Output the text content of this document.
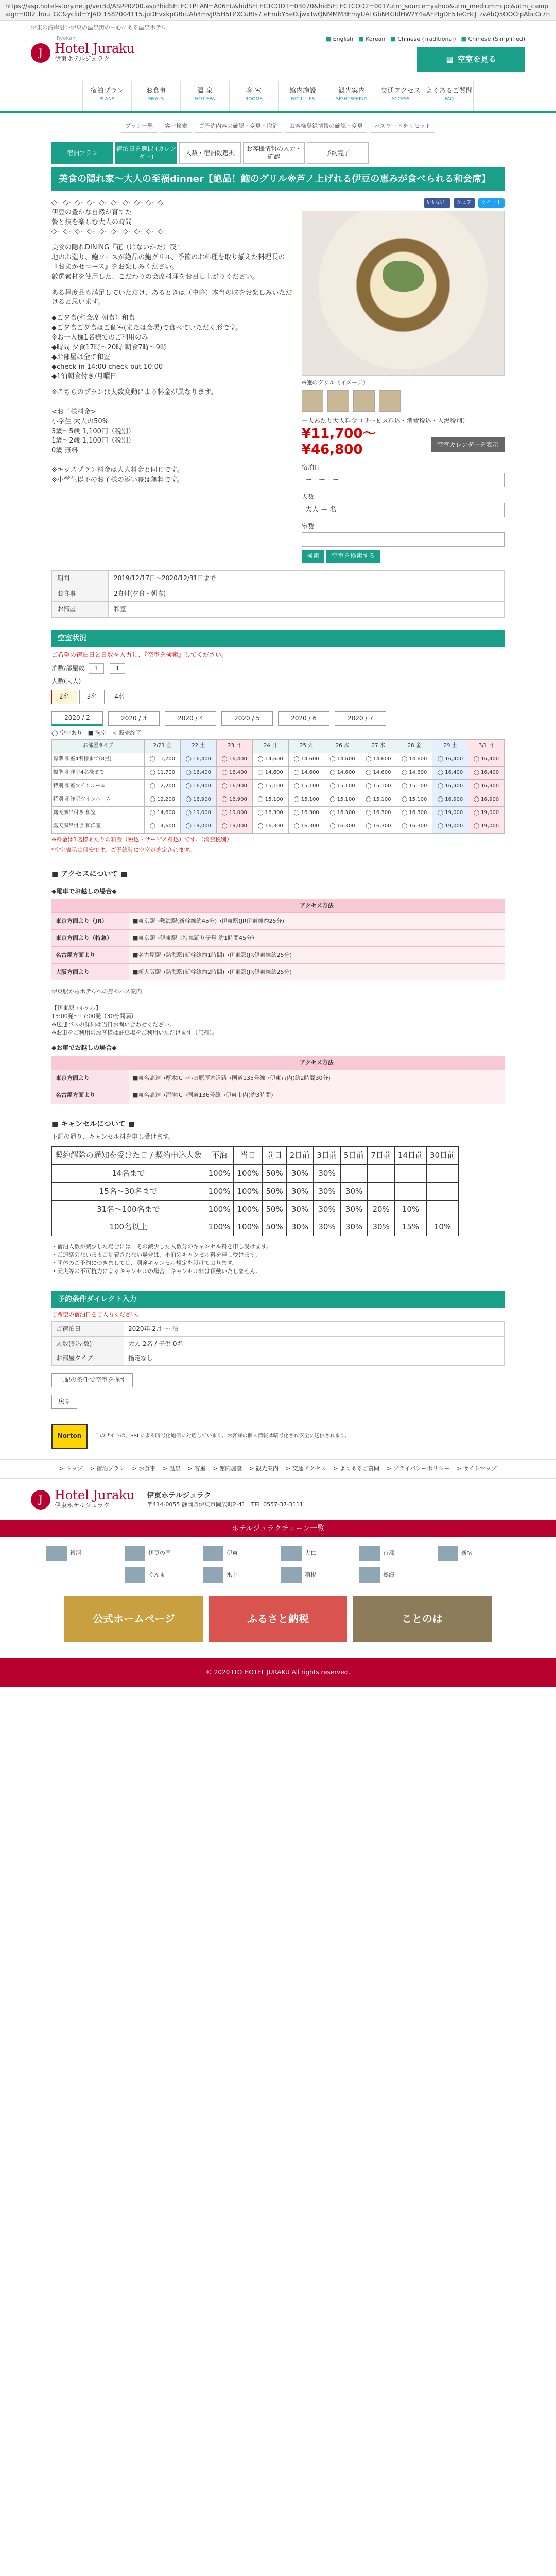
https://asp.hotel-story.ne.jp/ver3d/ASPP0200.asp?hidSELECTPLAN=A06FU&hidSELECTCOD1=03070&hidSELECTCOD2=001?utm_source=yahoo&utm_medium=cpc&utm_campaign=002_hou_GC&yclid=YJAD.1582004115.jpDEvxkpGBruAh4mvJR5H5LPXCuBIs7.eEmbY5eO.jwxTwQNMMM3EmyUATGbN4GIdHW?Y4aAFPIgDF5TeCHcJ_zvAbQ5OOCrpAbcCr7n
伊東の海岸沿い伊東の温泉街の中心にある温泉ホテル
Ryokan
J Hotel Juraku
伊東ホテルジュラク
■ English	■ Korean	■ Chinese (Traditional)	■ Chinese (Simplified)
▦ 空室を見る
宿泊プラン
PLANS
お食事
MEALS
温 泉
HOT SPA
客 室
ROOMS
館内施設
FACILITIES
観光案内
SIGHTSEEING
交通アクセス
ACCESS
よくあるご質問
FAQ
プラン一覧	客室検索	ご予約内容の確認・変更・取消	お客様登録情報の確認・変更	パスワードをリセット
宿泊プラン
宿泊日を選択 (カレンダー)
人数・宿泊数選択
お客様情報の入力・確認
予約完了
美食の隠れ家～大人の至福dinner【絶品！鮑のグリル※芦ノ上げれる伊豆の恵みが食べられる和会席】

◇ー◇ー◇ー◇ー◇ー◇ー◇ー◇ー◇ー◇
伊豆の豊かな自然が育てた
贅と技を楽しむ大人の時間
◇ー◇ー◇ー◇ー◇ー◇ー◇ー◇ー◇ー◇

美食の隠れDINING『花（はないかだ）筏』
地のお造り、鮑ソースが絶品の鮑グリル、季節のお料理を取り揃えた料理長の『おまかせコース』をお楽しみください。
厳選素材を使用した、こだわりの会席料理をお召し上がりください。

ある程度品も満足していただけ、あるときは（中略）本当の味をお楽しみいただけると思います。

◆ご夕食(和会席 朝食）和食
◆ご夕食ご夕食はご個室(または会場)で食べていただく形です。
※お一人様1名様でのご利用のみ
◆時間 夕食17時～20時 朝食7時～9時
◆お部屋は全て和室
◆check-in 14:00 check-out 10:00
◆1泊朝食付き/月曜日

※こちらのプランは人数変動により料金が異なります。

<お子様料金>
小学生 大人の50%
3歳～5歳 1,100円（税別）
1歳～2歳 1,100円（税別）
0歳 無料

※キッズプラン料金は大人料金と同じです。
※小学生以下のお子様の添い寝は無料です。

いいね！	シェア	ツイート
※鮑のグリル（イメージ）
一人あたり大人料金（サービス料込・消費税込・入湯税別）
¥11,700～
¥46,800	空室カレンダーを表示
宿泊日
ー - ー - ー
人数
大人 ー 名
室数
検索 空室を検索する
期間	2019/12/17日～2020/12/31日まで
お食事	2食付(夕食・朝食)
お部屋	和室
空室状況
ご希望の宿泊日と日数を入力し、『空室を検索』してください。
泊数/部屋数 1	1
人数(大人)
2名	3名	4名
2020 / 2	2020 / 3	2020 / 4	2020 / 5	2020 / 6	2020 / 7
◯ 空室あり　■ 満室　× 販売終了
お部屋タイプ	2/21 金	22 土	23 日	24 月	25 火	26 水	27 木	28 金	29 土	3/1 日
標準 和室4名様まで(8畳)	◯ 11,700	◯ 16,400	◯ 16,400	◯ 14,600	◯ 14,600	◯ 14,600	◯ 14,600	◯ 14,600	◯ 16,400	◯ 16,400
標準 和洋室4名様まで	◯ 11,700	◯ 16,400	◯ 16,400	◯ 14,600	◯ 14,600	◯ 14,600	◯ 14,600	◯ 14,600	◯ 16,400	◯ 16,400
特別 和室ツインルーム	◯ 12,200	◯ 16,900	◯ 16,900	◯ 15,100	◯ 15,100	◯ 15,100	◯ 15,100	◯ 15,100	◯ 16,900	◯ 16,900
特別 和洋室ツインルーム	◯ 12,200	◯ 16,900	◯ 16,900	◯ 15,100	◯ 15,100	◯ 15,100	◯ 15,100	◯ 15,100	◯ 16,900	◯ 16,900
露天風呂付き 和室	◯ 14,600	◯ 19,000	◯ 19,000	◯ 16,300	◯ 16,300	◯ 16,300	◯ 16,300	◯ 16,300	◯ 19,000	◯ 19,000
露天風呂付き 和洋室	◯ 14,600	◯ 19,000	◯ 19,000	◯ 16,300	◯ 16,300	◯ 16,300	◯ 16,300	◯ 16,300	◯ 19,000	◯ 19,000
※料金は1名様あたりの料金（税込・サービス料込）です。（消費税別）
*空室表示は目安です。ご予約時に空室が確定されます。
■ アクセスについて ■
◆電車でお越しの場合◆
	アクセス方法
東京方面より（JR）	■東京駅→熱海駅(新幹線約45分)→伊東駅(JR伊東線約25分)
東京方面より（特急）	■東京駅→伊東駅（特急踊り子号 約1時間45分）
名古屋方面より	■名古屋駅→熱海駅(新幹線約1時間)→伊東駅(JR伊東線約25分)
大阪方面より	■新大阪駅→熱海駅(新幹線約2時間)→伊東駅(JR伊東線約25分)
伊東駅からホテルへの無料バス案内

【伊東駅→ホテル】
15:00発〜17:00発（30分間隔）
※送迎バスの詳細は当日お問い合わせください。
※お車をご利用のお客様は駐車場をご利用いただけます（無料）。
◆お車でお越しの場合◆
	アクセス方法
東京方面より	■東名高速→厚木IC→小田原厚木道路→国道135号線→伊東市内(約2時間30分)
名古屋方面より	■東名高速→沼津IC→国道136号線→伊東市内(約3時間)
■ キャンセルについて ■
下記の通り、キャンセル料を申し受けます。
契約解除の通知を受けた日 / 契約申込人数	不泊	当日	前日	2日前	3日前	5日前	7日前	14日前	30日前
14名まで	100%	100%	50%	30%	30%				
15名～30名まで	100%	100%	50%	30%	30%	30%			
31名～100名まで	100%	100%	50%	30%	30%	30%	20%	10%	
100名以上	100%	100%	50%	30%	30%	30%	30%	15%	10%
・宿泊人数が減少した場合には、その減少した人数分のキャンセル料を申し受けます。
・ご連絡のないままご到着されない場合は、不泊のキャンセル料を申し受けます。
・団体のご予約につきましては、別途キャンセル規定を設けております。
・天災等の不可抗力によるキャンセルの場合、キャンセル料は頂戴いたしません。
予約条件ダイレクト入力
ご希望の宿泊日をご入力ください。
ご宿泊日	2020年 2月 ～ 泊
人数(部屋数)	大人 2名 / 子供 0名
お部屋タイプ	指定なし
上記の条件で空室を探す
戻る
Norton	このサイトは、SSLによる暗号化通信に対応しています。お客様の個人情報は暗号化され安全に送信されます。
> トップ > 宿泊プラン > お食事 > 温泉 > 客室 > 館内施設 > 観光案内 > 交通アクセス > よくあるご質問 > プライバシーポリシー > サイトマップ
J Hotel Juraku
伊東ホテルジュラク
伊東ホテルジュラク
〒414-0055 静岡県伊東市岡広町2-41　TEL 0557-37-3111
ホテルジュラクチェーン一覧
銀河	伊豆の国	伊東	大仁	京都	新宿
ぐんま	水上	箱根	熱海
公式ホームページ	ふるさと納税	ことのは
© 2020 ITO HOTEL JURAKU All rights reserved.
